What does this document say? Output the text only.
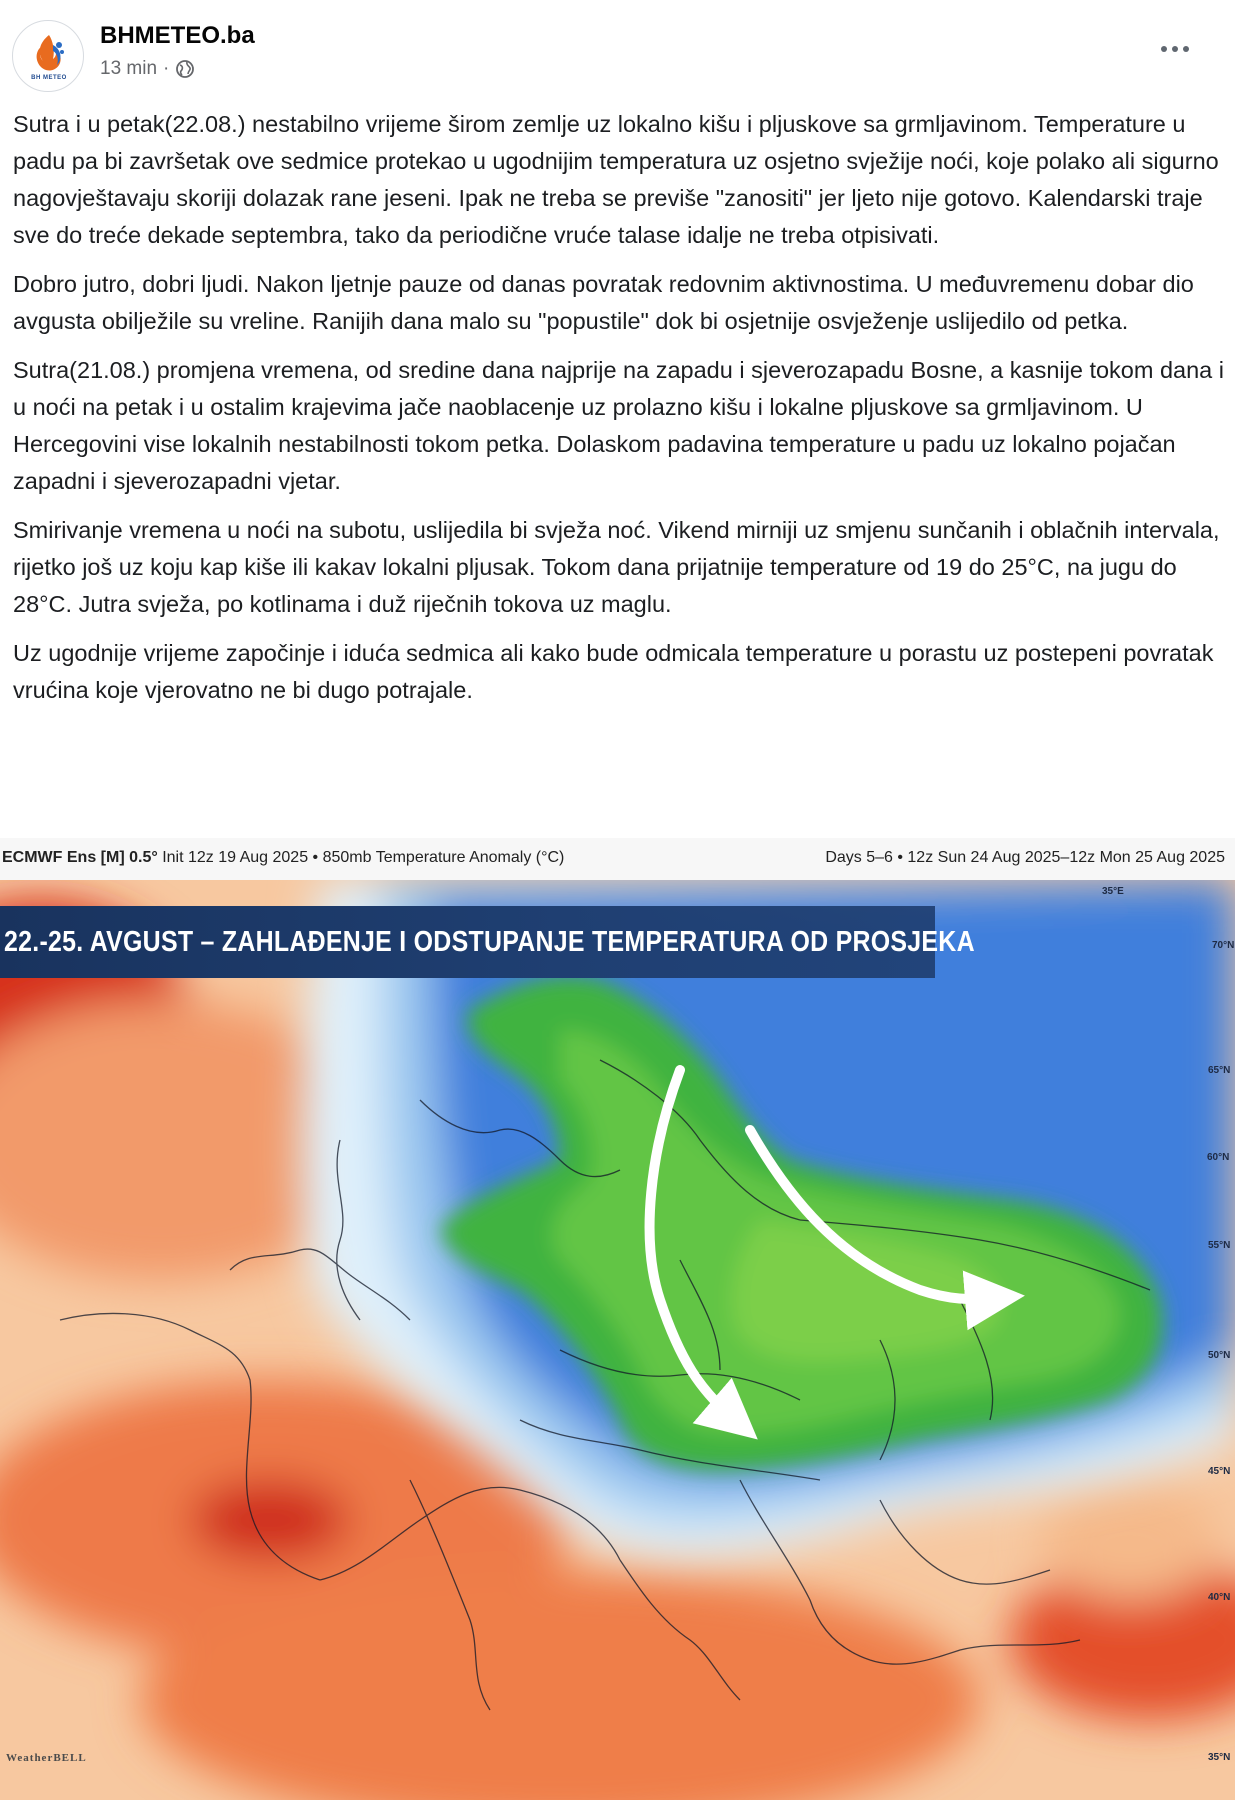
BH METEO
BHMETEO.ba
13 min ·

Sutra i u petak(22.08.) nestabilno vrijeme širom zemlje uz lokalno kišu i pljuskove sa grmljavinom. Temperature u padu pa bi završetak ove sedmice protekao u ugodnijim temperatura uz osjetno svježije noći, koje polako ali sigurno nagovještavaju skoriji dolazak rane jeseni. Ipak ne treba se previše "zanositi" jer ljeto nije gotovo. Kalendarski traje sve do treće dekade septembra, tako da periodične vruće talase idalje ne treba otpisivati.

Dobro jutro, dobri ljudi. Nakon ljetnje pauze od danas povratak redovnim aktivnostima. U međuvremenu dobar dio avgusta obilježile su vreline. Ranijih dana malo su "popustile" dok bi osjetnije osvježenje uslijedilo od petka.

Sutra(21.08.) promjena vremena, od sredine dana najprije na zapadu i sjeverozapadu Bosne, a kasnije tokom dana i u noći na petak i u ostalim krajevima jače naoblacenje uz prolazno kišu i lokalne pljuskove sa grmljavinom. U Hercegovini vise lokalnih nestabilnosti tokom petka. Dolaskom padavina temperature u padu uz lokalno pojačan zapadni i sjeverozapadni vjetar.

Smirivanje vremena u noći na subotu, uslijedila bi svježa noć. Vikend mirniji uz smjenu sunčanih i oblačnih intervala, rijetko još uz koju kap kiše ili kakav lokalni pljusak. Tokom dana prijatnije temperature od 19 do 25°C, na jugu do 28°C. Jutra svježa, po kotlinama i duž riječnih tokova uz maglu.

Uz ugodnije vrijeme započinje i iduća sedmica ali kako bude odmicala temperature u porastu uz postepeni povratak vrućina koje vjerovatno ne bi dugo potrajale.

ECMWF Ens [M] 0.5° Init 12z 19 Aug 2025 • 850mb Temperature Anomaly (°C)	Days 5–6 • 12z Sun 24 Aug 2025–12z Mon 25 Aug 2025
22.-25. AVGUST – ZAHLAĐENJE I ODSTUPANJE TEMPERATURA OD PROSJEKA
35°E
70°N
65°N
60°N
55°N
50°N
45°N
40°N
35°N
WeatherBELL
